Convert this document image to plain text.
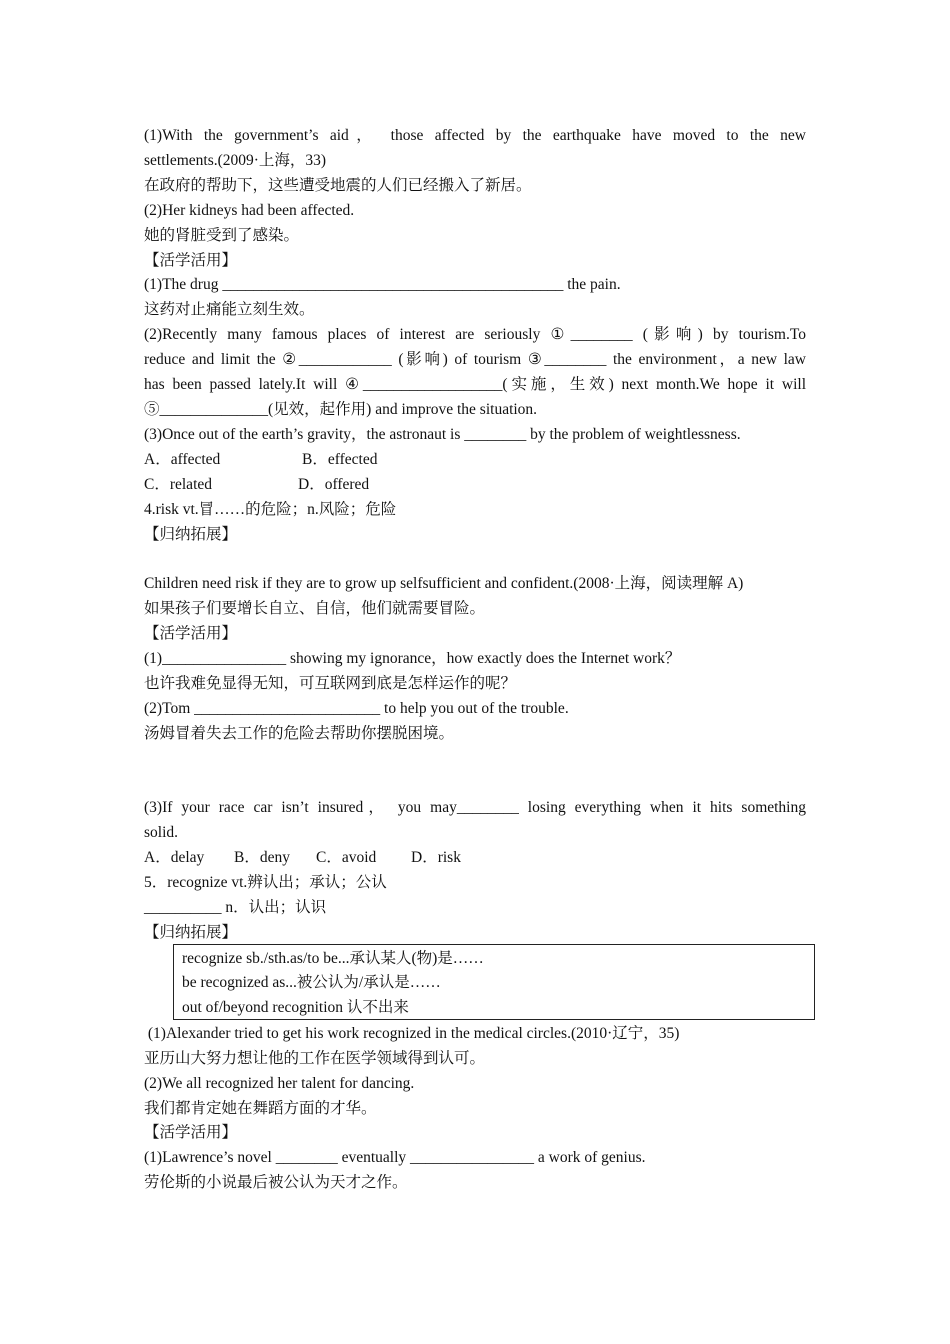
(1)With the government’s aid， those affected by the earthquake have moved to the new
settlements.(2009·上海，33)
在政府的帮助下，这些遭受地震的人们已经搬入了新居。
(2)Her kidneys had been affected.
她的肾脏受到了感染。
【活学活用】
(1)The drug ____________________________________________ the pain.
这药对止痛能立刻生效。
(2)Recently many famous places of interest are seriously ①________ (影响) by tourism.To
reduce and limit the ②____________ (影响) of tourism ③________ the environment，a new law
has been passed lately.It will ④__________________(实施，生效) next month.We hope it will
⑤______________(见效，起作用) and improve the situation.
(3)Once out of the earth’s gravity，the astronaut is ________ by the problem of weightlessness.
A．affected	B．effected
C．related	D．offered
4.risk vt.冒……的危险；n.风险；危险
【归纳拓展】
Children need risk if they are to grow up selfsufficient and confident.(2008·上海，阅读理解 A)
如果孩子们要增长自立、自信，他们就需要冒险。
【活学活用】
(1)________________ showing my ignorance，how exactly does the Internet work？
也许我难免显得无知，可互联网到底是怎样运作的呢？
(2)Tom ________________________ to help you out of the trouble.
汤姆冒着失去工作的危险去帮助你摆脱困境。
(3)If your race car isn’t insured， you may________ losing everything when it hits something
solid.
A．delay B．deny C．avoid D．risk
5．recognize vt.辨认出；承认；公认
__________ n．认出；认识
【归纳拓展】
recognize sb./sth.as/to be...承认某人(物)是……
be recognized as...被公认为/承认是……
out of/beyond recognition 认不出来
(1)Alexander tried to get his work recognized in the medical circles.(2010·辽宁，35)
亚历山大努力想让他的工作在医学领域得到认可。
(2)We all recognized her talent for dancing.
我们都肯定她在舞蹈方面的才华。
【活学活用】
(1)Lawrence’s novel ________ eventually ________________ a work of genius.
劳伦斯的小说最后被公认为天才之作。
